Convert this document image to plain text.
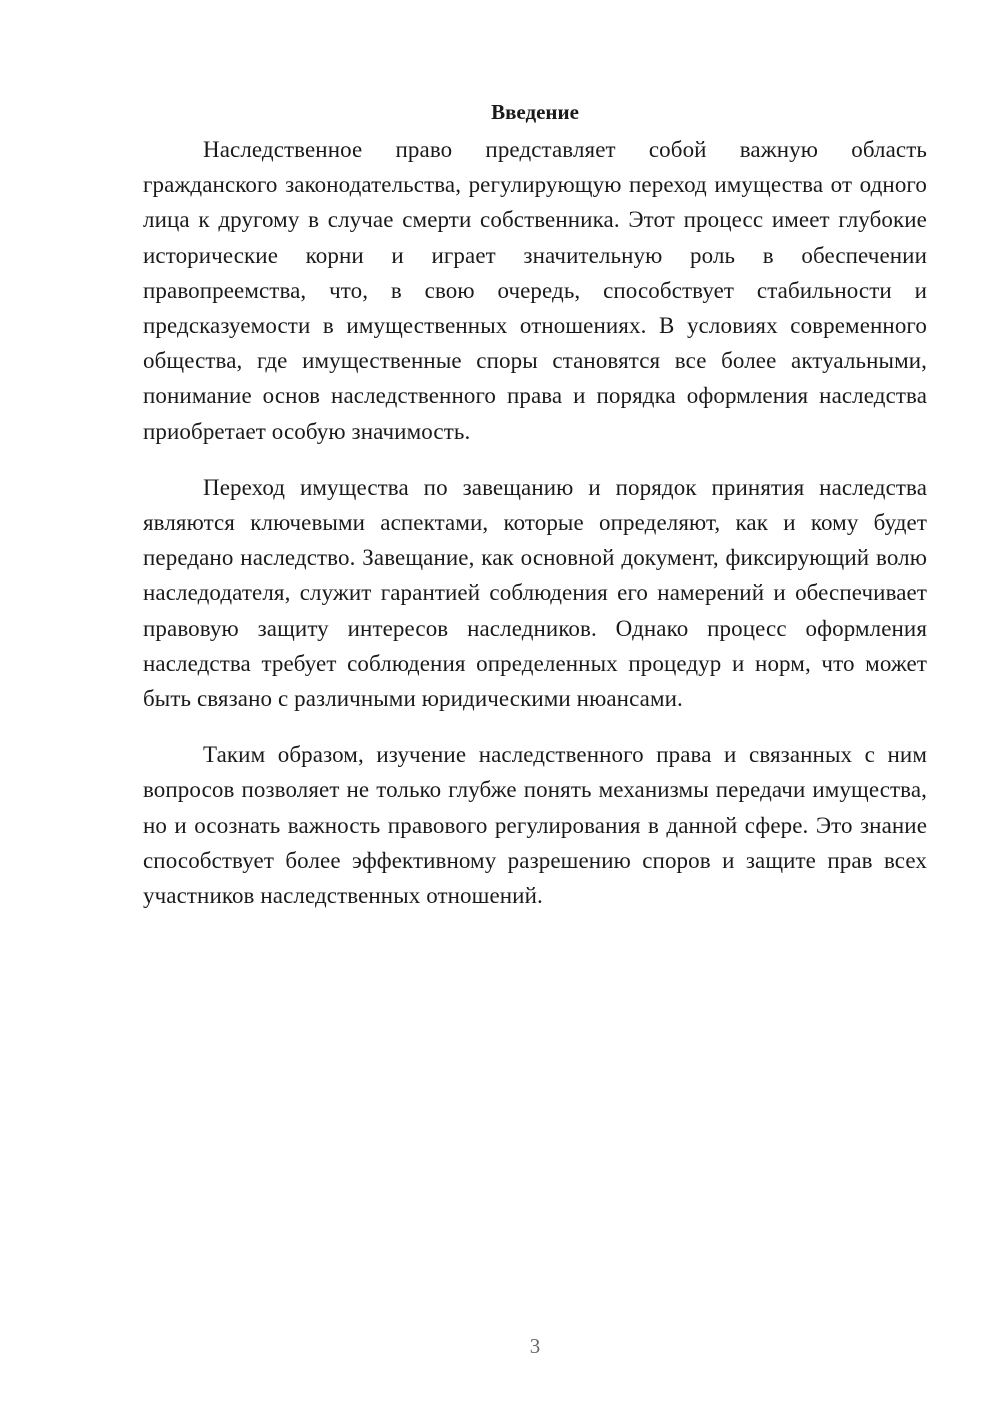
Введение

Наследственное право представляет собой важную область гражданского законодательства, регулирующую переход имущества от одного лица к другому в случае смерти собственника. Этот процесс имеет глубокие исторические корни и играет значительную роль в обеспечении правопреемства, что, в свою очередь, способствует стабильности и предсказуемости в имущественных отношениях. В условиях современного общества, где имущественные споры становятся все более актуальными, понимание основ наследственного права и порядка оформления наследства приобретает особую значимость.

Переход имущества по завещанию и порядок принятия наследства являются ключевыми аспектами, которые определяют, как и кому будет передано наследство. Завещание, как основной документ, фиксирующий волю наследодателя, служит гарантией соблюдения его намерений и обеспечивает правовую защиту интересов наследников. Однако процесс оформления наследства требует соблюдения определенных процедур и норм, что может быть связано с различными юридическими нюансами.

Таким образом, изучение наследственного права и связанных с ним вопросов позволяет не только глубже понять механизмы передачи имущества, но и осознать важность правового регулирования в данной сфере. Это знание способствует более эффективному разрешению споров и защите прав всех участников наследственных отношений.

3
